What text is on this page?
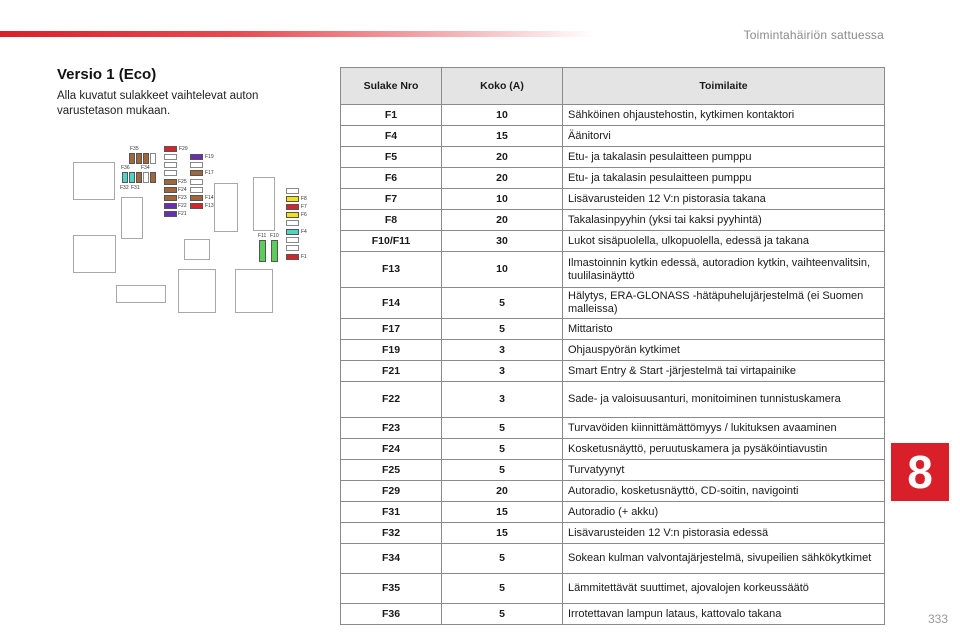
Toimintahäiriön sattuessa
Versio 1 (Eco)
Alla kuvatut sulakkeet vaihtelevat auton varustetason mukaan.
F35
F36 F34
F32 F31
F29
F19
F17
F25
F24
F23	F14
F22	F13
F21
F11 F10
F8
F7
F6
F4
F1
Sulake Nro	Koko (A)	Toimilaite
F1	10	Sähköinen ohjaustehostin, kytkimen kontaktori
F4	15	Äänitorvi
F5	20	Etu- ja takalasin pesulaitteen pumppu
F6	20	Etu- ja takalasin pesulaitteen pumppu
F7	10	Lisävarusteiden 12 V:n pistorasia takana
F8	20	Takalasinpyyhin (yksi tai kaksi pyyhintä)
F10/F11	30	Lukot sisäpuolella, ulkopuolella, edessä ja takana
F13	10	Ilmastoinnin kytkin edessä, autoradion kytkin, vaihteenvalitsin, tuulilasinäyttö
F14	5	Hälytys, ERA-GLONASS -hätäpuhelujärjestelmä (ei Suomen malleissa)
F17	5	Mittaristo
F19	3	Ohjauspyörän kytkimet
F21	3	Smart Entry & Start -järjestelmä tai virtapainike
F22	3	Sade- ja valoisuusanturi, monitoiminen tunnistuskamera
F23	5	Turvavöiden kiinnittämättömyys / lukituksen avaaminen
F24	5	Kosketusnäyttö, peruutuskamera ja pysäköintiavustin
F25	5	Turvatyynyt
F29	20	Autoradio, kosketusnäyttö, CD-soitin, navigointi
F31	15	Autoradio (+ akku)
F32	15	Lisävarusteiden 12 V:n pistorasia edessä
F34	5	Sokean kulman valvontajärjestelmä, sivupeilien sähkökytkimet
F35	5	Lämmitettävät suuttimet, ajovalojen korkeussäätö
F36	5	Irrotettavan lampun lataus, kattovalo takana
8
333
